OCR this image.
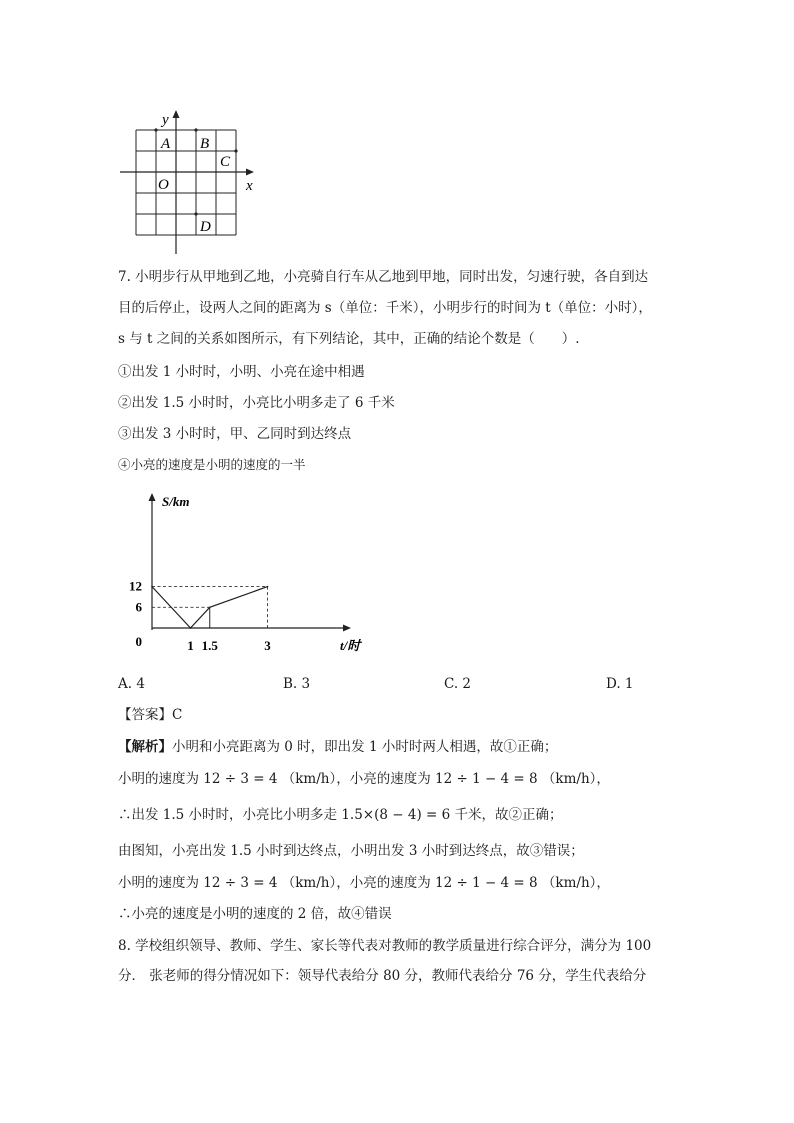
y
x
O
A B
C
D
7. 小明步行从甲地到乙地，小亮骑自行车从乙地到甲地，同时出发，匀速行驶，各自到达
目的后停止，设两人之间的距离为 s（单位：千米），小明步行的时间为 t（单位：小时），
s 与 t 之间的关系如图所示，有下列结论，其中，正确的结论个数是（　　）.
①出发 1 小时时，小明、小亮在途中相遇
②出发 1.5 小时时，小亮比小明多走了 6 千米
③出发 3 小时时，甲、乙同时到达终点
④小亮的速度是小明的速度的一半
1 1.5	3
12
6
0
S/km
t/时
A. 4	B. 3	C. 2	D. 1
【答案】C
【解析】小明和小亮距离为 0 时，即出发 1 小时时两人相遇，故①正确；
小明的速度为 12 ÷ 3 = 4 （km/h），小亮的速度为 12 ÷ 1 − 4 = 8 （km/h），
∴出发 1.5 小时时，小亮比小明多走 1.5×(8 − 4) = 6 千米，故②正确；
由图知，小亮出发 1.5 小时到达终点，小明出发 3 小时到达终点，故③错误；
小明的速度为 12 ÷ 3 = 4 （km/h），小亮的速度为 12 ÷ 1 − 4 = 8 （km/h），
∴小亮的速度是小明的速度的 2 倍，故④错误
8. 学校组织领导、教师、学生、家长等代表对教师的教学质量进行综合评分，满分为 100
分． 张老师的得分情况如下：领导代表给分 80 分，教师代表给分 76 分，学生代表给分
